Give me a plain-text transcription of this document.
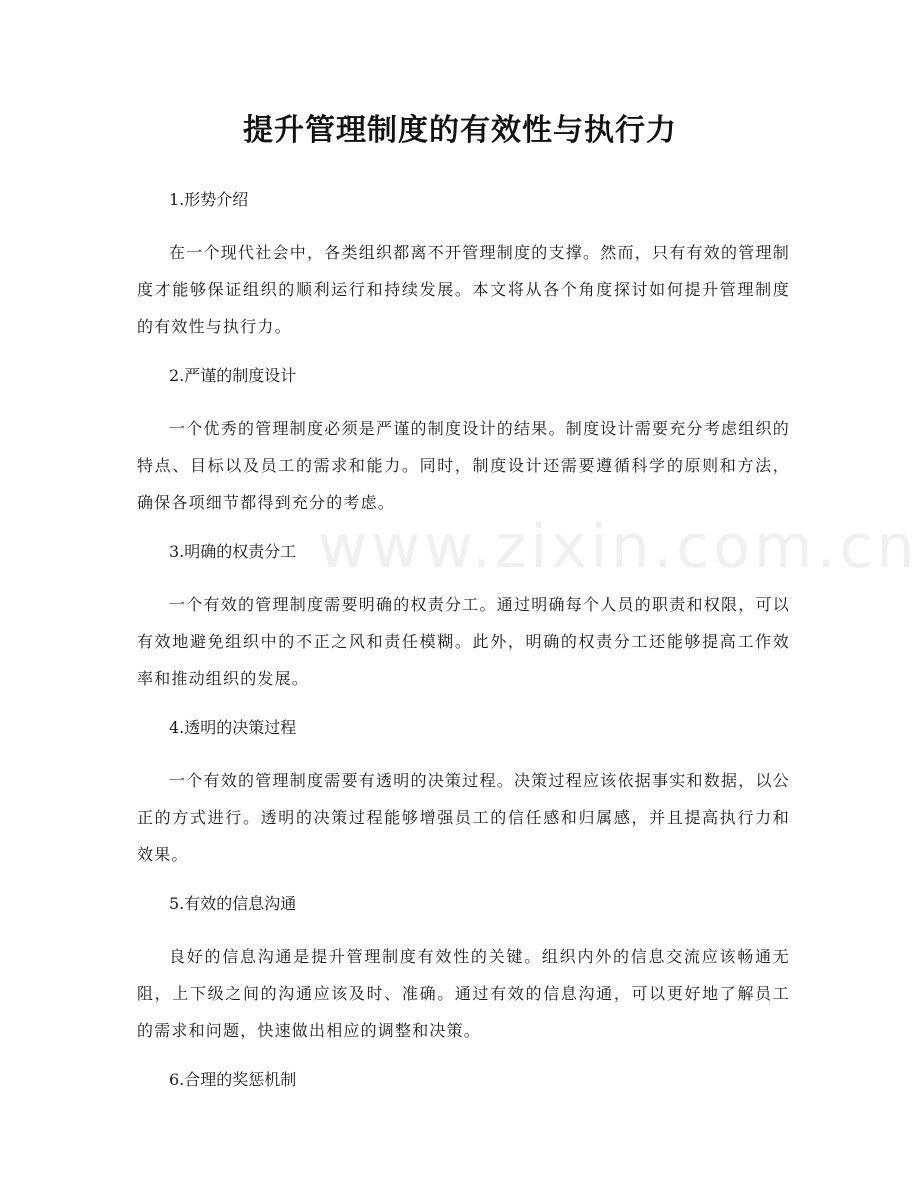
www.zixin.com.cn
提升管理制度的有效性与执行力

1.形势介绍

在一个现代社会中，各类组织都离不开管理制度的支撑。然而，只有有效的管理制度才能够保证组织的顺利运行和持续发展。本文将从各个角度探讨如何提升管理制度的有效性与执行力。

2.严谨的制度设计

一个优秀的管理制度必须是严谨的制度设计的结果。制度设计需要充分考虑组织的特点、目标以及员工的需求和能力。同时，制度设计还需要遵循科学的原则和方法，确保各项细节都得到充分的考虑。

3.明确的权责分工

一个有效的管理制度需要明确的权责分工。通过明确每个人员的职责和权限，可以有效地避免组织中的不正之风和责任模糊。此外，明确的权责分工还能够提高工作效率和推动组织的发展。

4.透明的决策过程

一个有效的管理制度需要有透明的决策过程。决策过程应该依据事实和数据，以公正的方式进行。透明的决策过程能够增强员工的信任感和归属感，并且提高执行力和效果。

5.有效的信息沟通

良好的信息沟通是提升管理制度有效性的关键。组织内外的信息交流应该畅通无阻，上下级之间的沟通应该及时、准确。通过有效的信息沟通，可以更好地了解员工的需求和问题，快速做出相应的调整和决策。

6.合理的奖惩机制
